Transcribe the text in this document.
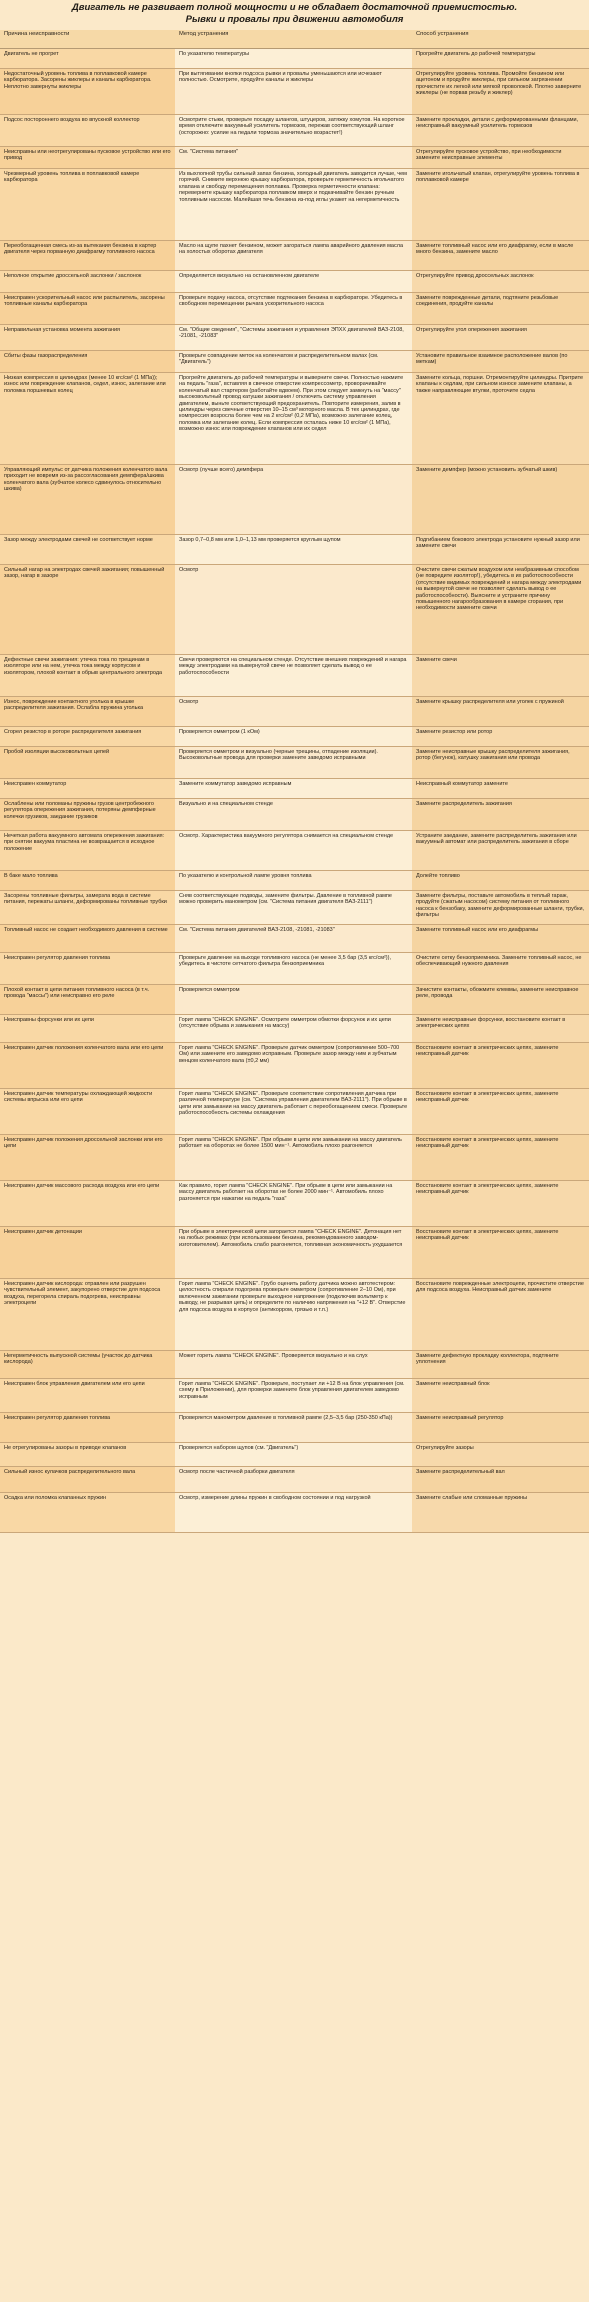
Двигатель не развивает полной мощности и не обладает достаточной приемистостью.
Рывки и провалы при движении автомобиля
Причина неисправности	Метод устранения	Способ устранения

Двигатель не прогрет	По указателю температуры	Прогрейте двигатель до рабочей температуры

Недостаточный уровень топлива в поплавковой камере карбюратора. Засорены жиклеры и каналы карбюратора. Неплотно завернуты жиклеры	При вытягивании кнопки подсоса рывки и провалы уменьшаются или исчезают полностью. Осмотрите, продуйте каналы и жиклеры	Отрегулируйте уровень топлива. Промойте бензином или ацетоном и продуйте жиклеры, при сильном загрязнении прочистите их легкой или мягкой проволокой. Плотно заверните жиклеры (не порвав резьбу и жиклер)

Подсос постороннего воздуха во впускной коллектор	Осмотрите стыки, проверьте посадку шлангов, штуцеров, затяжку хомутов. На короткое время отключите вакуумный усилитель тормозов, пережав соответствующий шланг (осторожно: усилие на педали тормоза значительно возрастет!)	Замените прокладки, детали с деформированными фланцами, неисправный вакуумный усилитель тормозов

Неисправны или неотрегулированы пусковое устройство или его привод	См. "Система питания"	Отрегулируйте пусковое устройство, при необходимости замените неисправные элементы

Чрезмерный уровень топлива в поплавковой камере карбюратора	Из выхлопной трубы сильный запах бензина, холодный двигатель заводится лучше, чем горячий. Снимите верхнюю крышку карбюратора, проверьте герметичность игольчатого клапана и свободу перемещения поплавка. Проверка герметичности клапана: переверните крышку карбюратора поплавком вверх и подкачивайте бензин ручным топливным насосом. Малейшая течь бензина из-под иглы укажет на негерметичность	Замените игольчатый клапан, отрегулируйте уровень топлива в поплавковой камере

Переобогащенная смесь из-за вытекания бензина в картер двигателя через порванную диафрагму топливного насоса	Масло на щупе пахнет бензином, может загораться лампа аварийного давления масла на холостых оборотах двигателя	Замените топливный насос или его диафрагму, если в масле много бензина, замените масло

Неполное открытие дроссельной заслонки / заслонок	Определяется визуально на остановленном двигателе	Отрегулируйте привод дроссельных заслонок

Неисправен ускорительный насос или распылитель, засорены топливные каналы карбюратора	Проверьте подачу насоса, отсутствие подтекания бензина в карбюраторе. Убедитесь в свободном перемещении рычага ускорительного насоса	Замените поврежденные детали, подтяните резьбовые соединения, продуйте каналы

Неправильная установка момента зажигания	См. "Общие сведения", "Системы зажигания и управления ЭПХХ двигателей ВАЗ-2108, -21081, -21083"	Отрегулируйте угол опережения зажигания

Сбиты фазы газораспределения	Проверьте совпадение меток на коленчатом и распределительном валах (см. "Двигатель")	Установите правильное взаимное расположение валов (по меткам)

Низкая компрессия в цилиндрах (менее 10 кгс/см² (1 МПа)); износ или повреждение клапанов, седел, износ, залегание или поломка поршневых колец	Прогрейте двигатель до рабочей температуры и выверните свечи. Полностью нажмите на педаль "газа", вставляя в свечное отверстие компрессометр, проворачивайте коленчатый вал стартером (работайте вдвоем). При этом следует замкнуть на "массу" высоковольтный провод катушки зажигания / отключить систему управления двигателем, выньте соответствующий предохранитель. Повторите измерения, залив в цилиндры через свечные отверстия 10–15 см³ моторного масла. В тех цилиндрах, где компрессия возросла более чем на 2 кгс/см² (0,2 МПа), возможно залегание колец, поломка или залегание колец. Если компрессия осталась ниже 10 кгс/см² (1 МПа), возможно износ или повреждение клапанов или их седел	Замените кольца, поршни. Отремонтируйте цилиндры. Притрите клапаны к седлам, при сильном износе замените клапаны, а также направляющие втулки, проточите седла

Управляющий импульс от датчика положения коленчатого вала приходит не вовремя из-за рассогласования демпфера/шкива коленчатого вала (зубчатое колесо сдвинулось относительно шкива)	Осмотр (лучше всего) демпфера	Замените демпфер (можно установить зубчатый шкив)

Зазор между электродами свечей не соответствует норме	Зазор 0,7–0,8 мм или 1,0–1,13 мм проверяется круглым щупом	Подгибанием бокового электрода установите нужный зазор или замените свечи

Сильный нагар на электродах свечей зажигания; повышенный зазор, нагар в зазоре	Осмотр	Очистите свечи сжатым воздухом или неабразивным способом (не повредите изолятор!), убедитесь в их работоспособности (отсутствие видимых повреждений и нагара между электродами на вывернутой свече не позволяет сделать вывод о ее работоспособности). Выясните и устраните причину повышенного нагарообразования в камере сгорания, при необходимости замените свечи

Дефектные свечи зажигания: утечка тока по трещинам в изоляторе или на нем, утечка тока между корпусом и изолятором, плохой контакт в обрыв центрального электрода	Свечи проверяются на специальном стенде. Отсутствие внешних повреждений и нагара между электродами на вывернутой свече не позволяет сделать вывод о ее работоспособности	Замените свечи

Износ, повреждение контактного уголька в крышке распределителя зажигания. Ослабла пружина уголька	Осмотр	Замените крышку распределителя или уголек с пружиной

Сгорел резистор в роторе распределителя зажигания	Проверяется омметром (1 кОм)	Замените резистор или ротор

Пробой изоляции высоковольтных цепей	Проверяется омметром и визуально (черные трещины, отпадение изоляции). Высоковольтные провода для проверки замените заведомо исправными	Замените неисправные крышку распределителя зажигания, ротор (бегунок), катушку зажигания или провода

Неисправен коммутатор	Замените коммутатор заведомо исправным	Неисправный коммутатор замените

Ослаблены или поломаны пружины грузов центробежного регулятора опережения зажигания, потеряны демпферные колечки грузиков, заедание грузиков	Визуально и на специальном стенде	Замените распределитель зажигания

Нечеткая работа вакуумного автомата опережения зажигания: при снятии вакуума пластина не возвращается в исходное положение	Осмотр. Характеристика вакуумного регулятора снимается на специальном стенде	Устраните заедание, замените распределитель зажигания или вакуумный автомат или распределитель зажигания в сборе

В баке мало топлива	По указателю и контрольной лампе уровня топлива	Долейте топливо

Засорены топливные фильтры, замерзла вода в системе питания, пережаты шланги, деформированы топливные трубки	Сняв соответствующие подводы, замените фильтры. Давление в топливной рампе можно проверить манометром (см. "Система питания двигателя ВАЗ-2111")	Замените фильтры, поставьте автомобиль в теплый гараж, продуйте (сжатым насосом) систему питания от топливного насоса к бензобаку, замените деформированные шланги, трубки, фильтры

Топливный насос не создает необходимого давления в системе	См. "Система питания двигателей ВАЗ-2108, -21081, -21083"	Замените топливный насос или его диафрагмы

Неисправен регулятор давления топлива	Проверьте давление на выходе топливного насоса (не менее 3,5 бар (3,5 кгс/см²)), убедитесь в чистоте сетчатого фильтра бензоприемника	Очистите сетку бензоприемника. Замените топливный насос, не обеспечивающий нужного давления

Плохой контакт в цепи питания топливного насоса (в т.ч. провода "массы") или неисправно его реле	Проверяется омметром	Зачистите контакты, обожмите клеммы, замените неисправное реле, провода

Неисправны форсунки или их цепи	Горит лампа "CHECK ENGINE". Осмотрите омметром обмотки форсунок и их цепи (отсутствие обрыва и замыкания на массу)	Замените неисправные форсунки, восстановите контакт в электрических цепях

Неисправен датчик положения коленчатого вала или его цепи	Горит лампа "CHECK ENGINE". Проверьте датчик омметром (сопротивление 500–700 Ом) или замените его заведомо исправным. Проверьте зазор между ним и зубчатым венцом коленчатого вала (±0,2 мм)	Восстановите контакт в электрических цепях, замените неисправный датчик

Неисправен датчик температуры охлаждающей жидкости системы впрыска или его цепи	Горит лампа "CHECK ENGINE". Проверьте соответствие сопротивления датчика при различной температуре (см. "Система управления двигателем ВАЗ-2111"). При обрыве в цепи или замыкании на массу двигатель работает с переобогащением смеси. Проверьте работоспособность системы охлаждения	Восстановите контакт в электрических цепях, замените неисправный датчик

Неисправен датчик положения дроссельной заслонки или его цепи	Горит лампа "CHECK ENGINE". При обрыве в цепи или замыкании на массу двигатель работает на оборотах не более 1500 мин⁻¹. Автомобиль плохо разгоняется	Восстановите контакт в электрических цепях, замените неисправный датчик

Неисправен датчик массового расхода воздуха или его цепи	Как правило, горит лампа "CHECK ENGINE". При обрыве в цепи или замыкании на массу двигатель работает на оборотах не более 2000 мин⁻¹. Автомобиль плохо разгоняется при нажатии на педаль "газа"	Восстановите контакт в электрических цепях, замените неисправный датчик

Неисправен датчик детонации	При обрыве в электрической цепи загорается лампа "CHECK ENGINE". Детонация нет на любых режимах (при использовании бензина, рекомендованного заводом-изготовителем). Автомобиль слабо разгоняется, топливная экономичность ухудшается	Восстановите контакт в электрических цепях, замените неисправный датчик

Неисправен датчик кислорода: отравлен или разрушен чувствительный элемент, закупорено отверстие для подсоса воздуха, перегорела спираль подогрева, неисправны электроцепи	Горит лампа "CHECK ENGINE". Грубо оценить работу датчика можно автотестером: целостность спирали подогрева проверьте омметром (сопротивление 2–10 Ом), при включенном зажигании проверьте выходное напряжение (подключив вольтметр к выводу, не разрывая цепь) и определите по наличию напряжения на "+12 В". Отверстие для подсоса воздуха в корпусе (антикорром, грязью и т.п.)	Восстановите поврежденные электроцепи, прочистите отверстие для подсоса воздуха. Неисправный датчик замените

Негерметичность выпускной системы (участок до датчика кислорода)	Может гореть лампа "CHECK ENGINE". Проверяется визуально и на слух	Замените дефектную прокладку коллектора, подтяните уплотнения

Неисправен блок управления двигателем или его цепи	Горит лампа "CHECK ENGINE". Проверьте, поступает ли +12 В на блок управления (см. схему в Приложении), для проверки замените блок управления двигателем заведомо исправным	Замените неисправный блок

Неисправен регулятор давления топлива	Проверяется манометром давление в топливной рампе (2,5–3,5 бар (250-350 кПа))	Замените неисправный регулятор

Не отрегулированы зазоры в приводе клапанов	Проверяется набором щупов (см. "Двигатель")	Отрегулируйте зазоры

Сильный износ кулачков распределительного вала	Осмотр после частичной разборки двигателя	Замените распределительный вал

Осадка или поломка клапанных пружин	Осмотр, измерение длины пружин в свободном состоянии и под нагрузкой	Замените слабые или сломанные пружины
